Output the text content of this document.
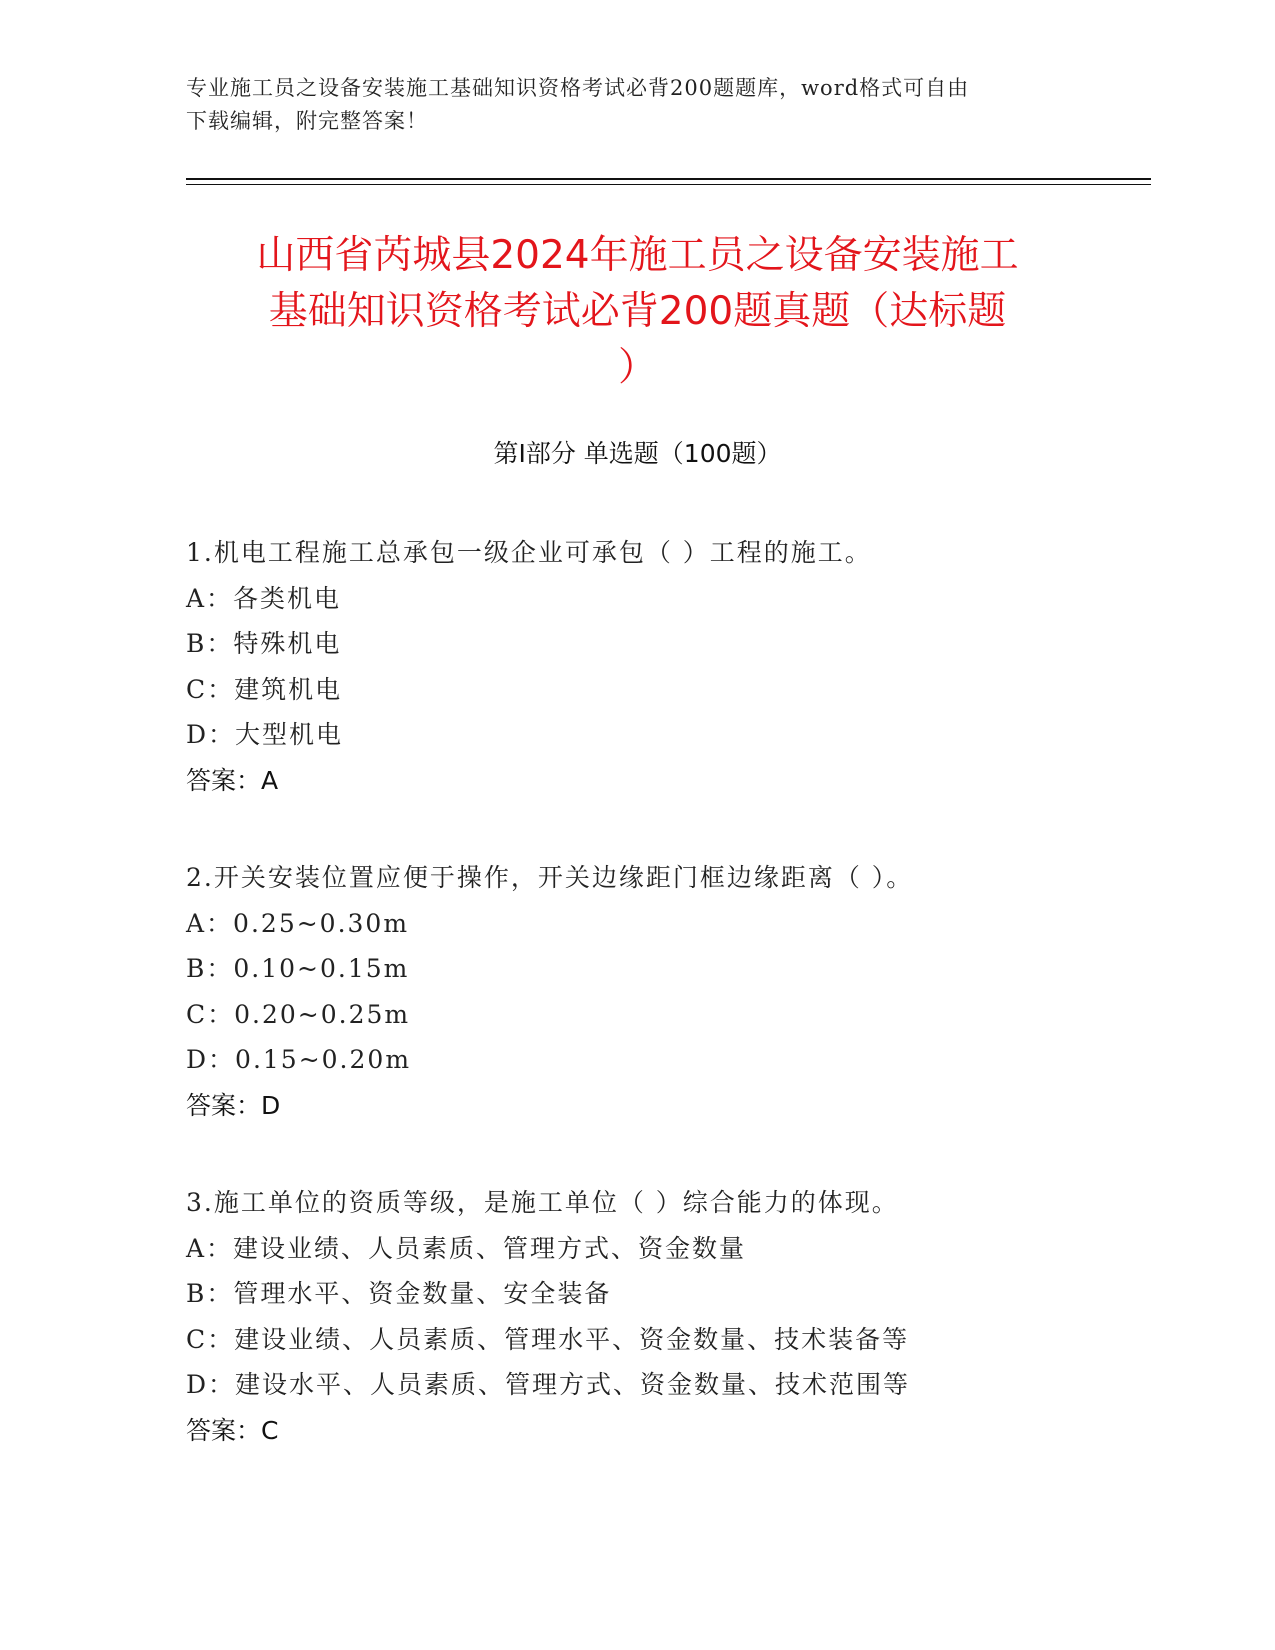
专业施工员之设备安装施工基础知识资格考试必背200题题库，word格式可自由
下载编辑，附完整答案！
山西省芮城县2024年施工员之设备安装施工
基础知识资格考试必背200题真题（达标题
）
第Ⅰ部分 单选题（100题）
1.机电工程施工总承包一级企业可承包（ ）工程的施工。
A：各类机电
B：特殊机电
C：建筑机电
D：大型机电
答案：A
2.开关安装位置应便于操作，开关边缘距门框边缘距离（ ）。
A：0.25~0.30m
B：0.10~0.15m
C：0.20~0.25m
D：0.15~0.20m
答案：D
3.施工单位的资质等级，是施工单位（ ）综合能力的体现。
A：建设业绩、人员素质、管理方式、资金数量
B：管理水平、资金数量、安全装备
C：建设业绩、人员素质、管理水平、资金数量、技术装备等
D：建设水平、人员素质、管理方式、资金数量、技术范围等
答案：C
